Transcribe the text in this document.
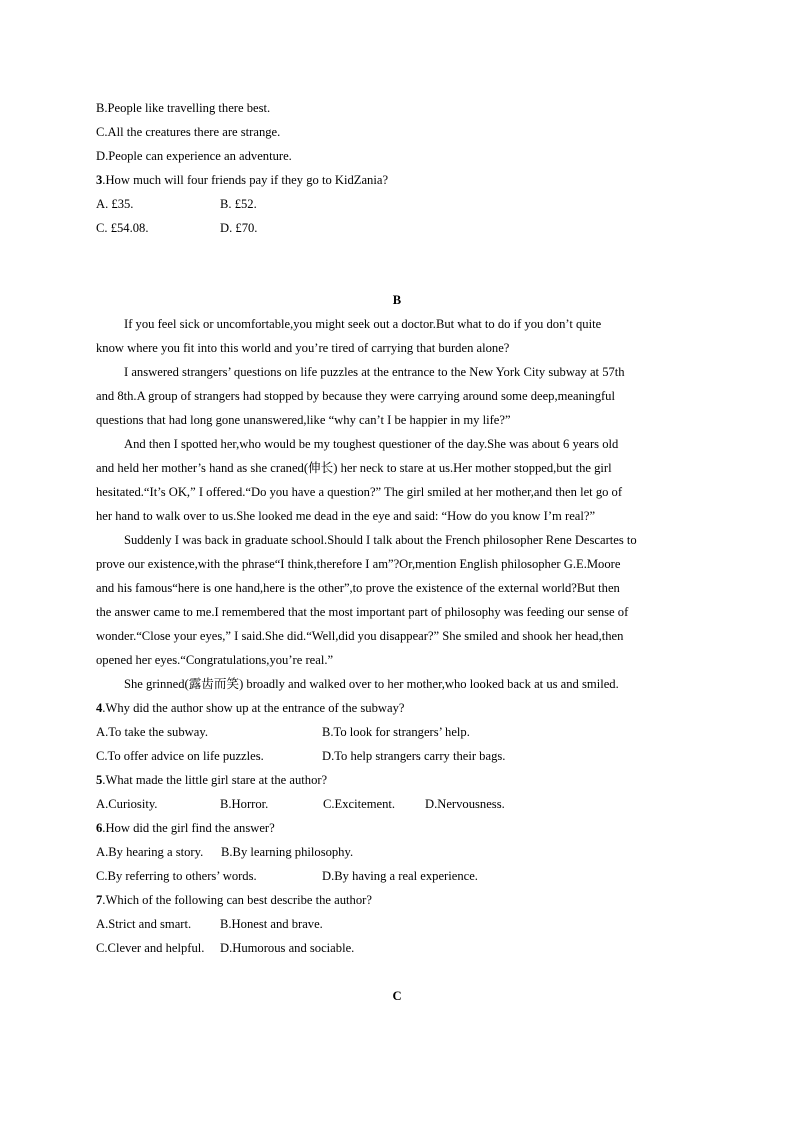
B.People like travelling there best.
C.All the creatures there are strange.
D.People can experience an adventure.
3.How much will four friends pay if they go to KidZania?
A. £35.	B. £52.
C. £54.08.	D. £70.
B
If you feel sick or uncomfortable,you might seek out a doctor.But what to do if you don’t quite
know where you fit into this world and you’re tired of carrying that burden alone?
I answered strangers’ questions on life puzzles at the entrance to the New York City subway at 57th
and 8th.A group of strangers had stopped by because they were carrying around some deep,meaningful
questions that had long gone unanswered,like “why can’t I be happier in my life?”
And then I spotted her,who would be my toughest questioner of the day.She was about 6 years old
and held her mother’s hand as she craned(伸长) her neck to stare at us.Her mother stopped,but the girl
hesitated.“It’s OK,” I offered.“Do you have a question?” The girl smiled at her mother,and then let go of
her hand to walk over to us.She looked me dead in the eye and said: “How do you know I’m real?”
Suddenly I was back in graduate school.Should I talk about the French philosopher Rene Descartes to
prove our existence,with the phrase“I think,therefore I am”?Or,mention English philosopher G.E.Moore
and his famous“here is one hand,here is the other”,to prove the existence of the external world?But then
the answer came to me.I remembered that the most important part of philosophy was feeding our sense of
wonder.“Close your eyes,” I said.She did.“Well,did you disappear?” She smiled and shook her head,then
opened her eyes.“Congratulations,you’re real.”
She grinned(露齿而笑) broadly and walked over to her mother,who looked back at us and smiled.
4.Why did the author show up at the entrance of the subway?
A.To take the subway.	B.To look for strangers’ help.
C.To offer advice on life puzzles.	D.To help strangers carry their bags.
5.What made the little girl stare at the author?
A.Curiosity.	B.Horror.	C.Excitement. D.Nervousness.
6.How did the girl find the answer?
A.By hearing a story. B.By learning philosophy.
C.By referring to others’ words.	D.By having a real experience.
7.Which of the following can best describe the author?
A.Strict and smart. B.Honest and brave.
C.Clever and helpful. D.Humorous and sociable.
C
